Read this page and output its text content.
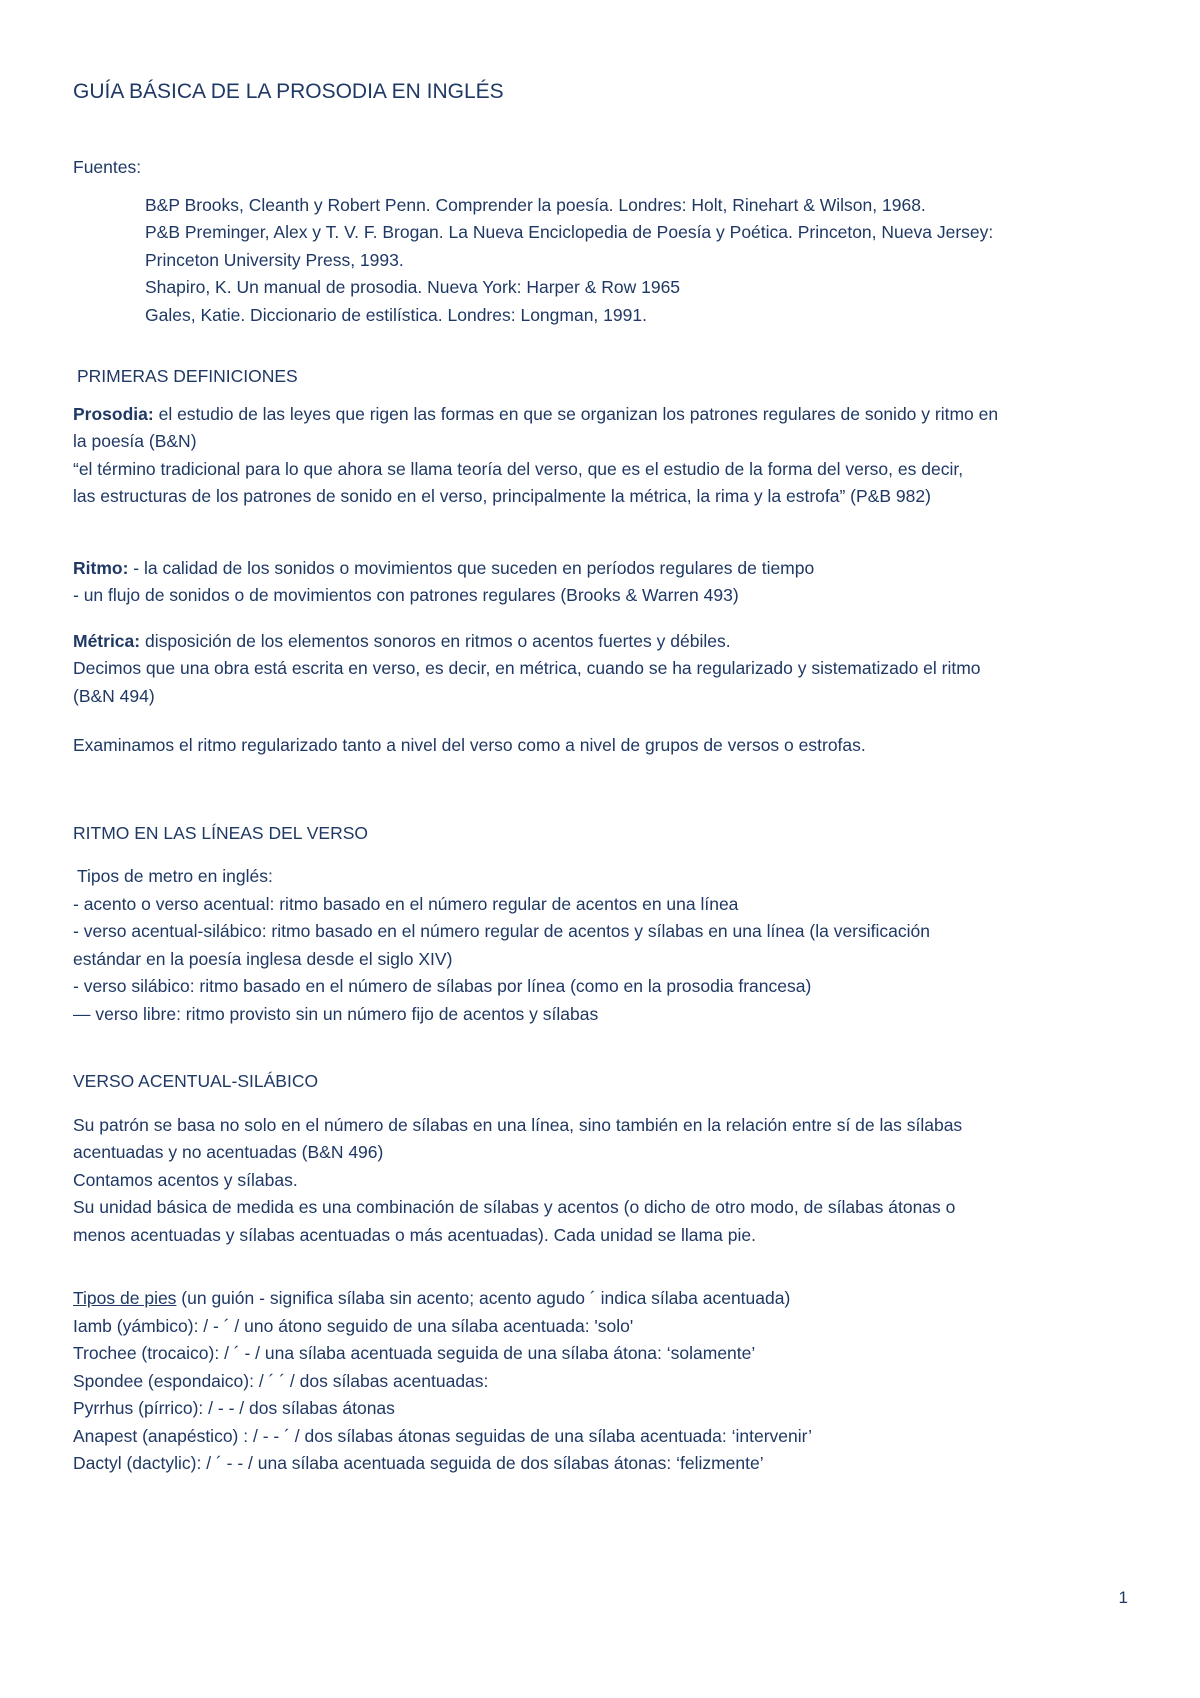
GUÍA BÁSICA DE LA PROSODIA EN INGLÉS

Fuentes:

B&P Brooks, Cleanth y Robert Penn. Comprender la poesía. Londres: Holt, Rinehart & Wilson, 1968.

P&B Preminger, Alex y T. V. F. Brogan. La Nueva Enciclopedia de Poesía y Poética. Princeton, Nueva Jersey:

Princeton University Press, 1993.

Shapiro, K. Un manual de prosodia. Nueva York: Harper & Row 1965

Gales, Katie. Diccionario de estilística. Londres: Longman, 1991.

PRIMERAS DEFINICIONES

Prosodia: el estudio de las leyes que rigen las formas en que se organizan los patrones regulares de sonido y ritmo en

la poesía (B&N)

“el término tradicional para lo que ahora se llama teoría del verso, que es el estudio de la forma del verso, es decir,

las estructuras de los patrones de sonido en el verso, principalmente la métrica, la rima y la estrofa” (P&B 982)

Ritmo: - la calidad de los sonidos o movimientos que suceden en períodos regulares de tiempo

- un flujo de sonidos o de movimientos con patrones regulares (Brooks & Warren 493)

Métrica: disposición de los elementos sonoros en ritmos o acentos fuertes y débiles.

Decimos que una obra está escrita en verso, es decir, en métrica, cuando se ha regularizado y sistematizado el ritmo

(B&N 494)

Examinamos el ritmo regularizado tanto a nivel del verso como a nivel de grupos de versos o estrofas.

RITMO EN LAS LÍNEAS DEL VERSO

Tipos de metro en inglés:

- acento o verso acentual: ritmo basado en el número regular de acentos en una línea

- verso acentual-silábico: ritmo basado en el número regular de acentos y sílabas en una línea (la versificación

estándar en la poesía inglesa desde el siglo XIV)

- verso silábico: ritmo basado en el número de sílabas por línea (como en la prosodia francesa)

— verso libre: ritmo provisto sin un número fijo de acentos y sílabas

VERSO ACENTUAL-SILÁBICO

Su patrón se basa no solo en el número de sílabas en una línea, sino también en la relación entre sí de las sílabas

acentuadas y no acentuadas (B&N 496)

Contamos acentos y sílabas.

Su unidad básica de medida es una combinación de sílabas y acentos (o dicho de otro modo, de sílabas átonas o

menos acentuadas y sílabas acentuadas o más acentuadas). Cada unidad se llama pie.

Tipos de pies (un guión - significa sílaba sin acento; acento agudo ´ indica sílaba acentuada)

Iamb (yámbico): / - ´ / uno átono seguido de una sílaba acentuada: 'solo'

Trochee (trocaico): / ´ - / una sílaba acentuada seguida de una sílaba átona: ‘solamente’

Spondee (espondaico): / ´ ´ / dos sílabas acentuadas:

Pyrrhus (pírrico): / - - / dos sílabas átonas

Anapest (anapéstico) : / - - ´ / dos sílabas átonas seguidas de una sílaba acentuada: ‘intervenir’

Dactyl (dactylic): / ´ - - / una sílaba acentuada seguida de dos sílabas átonas: ‘felizmente’

1
